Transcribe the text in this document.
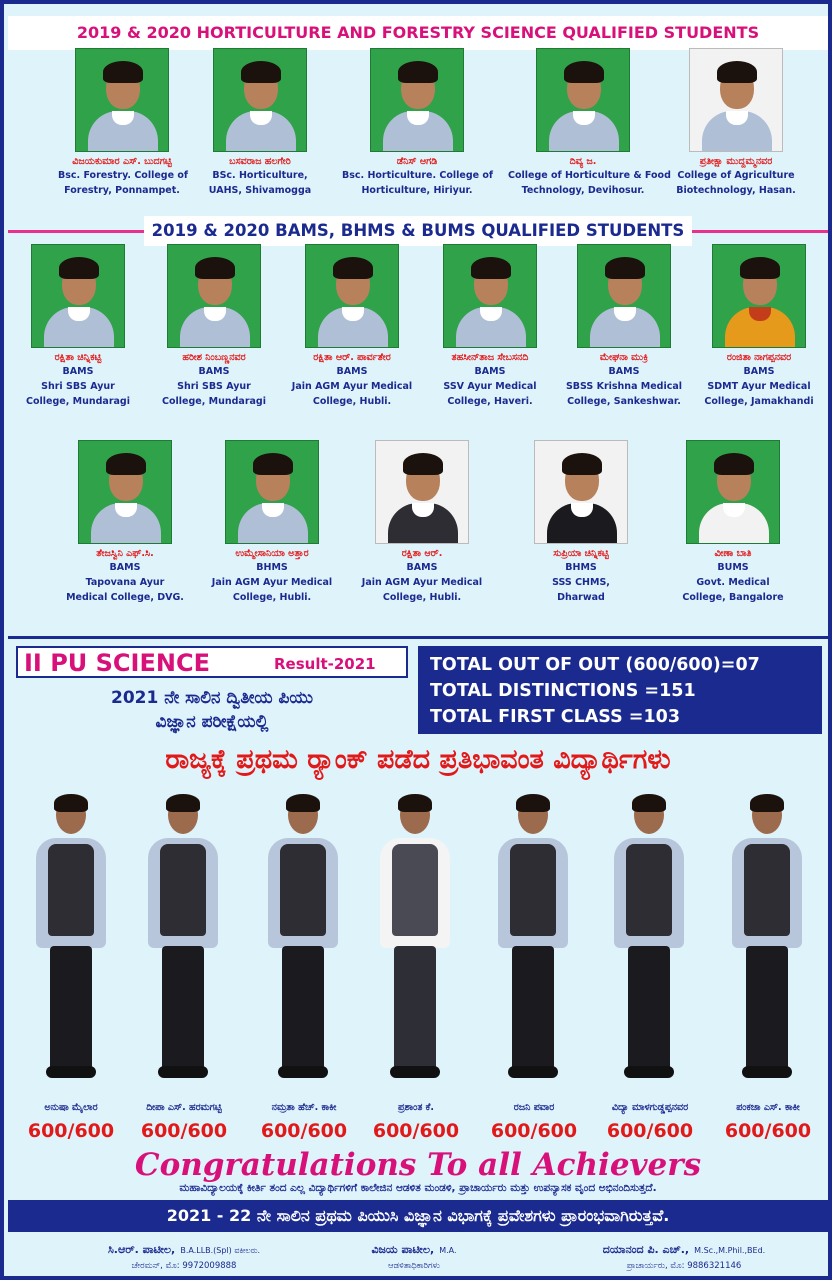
2019 & 2020 HORTICULTURE AND FORESTRY SCIENCE QUALIFIED STUDENTS
ವಿಜಯಕುಮಾರ ಎಸ್. ಬುದಗಟ್ಟಿ
Bsc. Forestry. College of
Forestry, Ponnampet.
ಬಸವರಾಜ ಹಲಗೇರಿ
BSc. Horticulture,
UAHS, Shivamogga
ಡೆನಿಸ್ ಆಗಡಿ
Bsc. Horticulture. College of
Horticulture, Hiriyur.
ದಿವ್ಯ ಜ.
College of Horticulture & Food
Technology, Devihosur.
ಪ್ರತೀಕ್ಷಾ ಮುದ್ದಮ್ಮನವರ
College of Agriculture
Biotechnology, Hasan.
2019 & 2020 BAMS, BHMS & BUMS QUALIFIED STUDENTS
ರಕ್ಷಿತಾ ಚಿನ್ನಿಕಟ್ಟಿ
BAMS
Shri SBS Ayur
College, Mundaragi
ಹರೀಶ ನಿಂಬಣ್ಣನವರ
BAMS
Shri SBS Ayur
College, Mundaragi
ರಕ್ಷಿತಾ ಆರ್. ಪಾರ್ವತೇರ
BAMS
Jain AGM Ayur Medical
College, Hubli.
ತಹಸೀನ್‌ತಾಜ ಸೇಬಸನದಿ
BAMS
SSV Ayur Medical
College, Haveri.
ಮೇಘನಾ ಮುಕ್ರಿ
BAMS
SBSS Krishna Medical
College, Sankeshwar.
ರಂಜಿತಾ ನಾಗಪ್ಪನವರ
BAMS
SDMT Ayur Medical
College, Jamakhandi
ತೇಜಸ್ವಿನಿ ಎಫ್.ಸಿ.
BAMS
Tapovana Ayur
Medical College, DVG.
ಉಮ್ಮೇಸಾನಿಯಾ ಅತ್ತಾರ
BHMS
Jain AGM Ayur Medical
College, Hubli.
ರಕ್ಷಿತಾ ಆರ್.
BAMS
Jain AGM Ayur Medical
College, Hubli.
ಸುಪ್ರಿಯಾ ಚಿನ್ನಿಕಟ್ಟಿ
BHMS
SSS CHMS,
Dharwad
ವೀಣಾ ಬಾತಿ
BUMS
Govt. Medical
College, Bangalore
II PU SCIENCE	Result-2021
2021 ನೇ ಸಾಲಿನ ದ್ವಿತೀಯ ಪಿಯು
ವಿಜ್ಞಾನ ಪರೀಕ್ಷೆಯಲ್ಲಿ
TOTAL OUT OF OUT (600/600)=07
TOTAL DISTINCTIONS =151
TOTAL FIRST CLASS =103
ರಾಜ್ಯಕ್ಕೆ ಪ್ರಥಮ ರ್‍ಯಾಂಕ್ ಪಡೆದ ಪ್ರತಿಭಾವಂತ ವಿದ್ಯಾರ್ಥಿಗಳು
ಅನುಷಾ ಮೈಲಾರ
600/600
ದೀಪಾ ಎಸ್. ಹರಮಗಟ್ಟಿ
600/600
ನಮ್ರತಾ ಹೆಚ್. ಕಾಕೀ
600/600
ಪ್ರಶಾಂತ ಕೆ.
600/600
ರಜನಿ ಪವಾರ
600/600
ವಿದ್ಯಾ ಮಾಳಗುಡ್ಡಪ್ಪನವರ
600/600
ಪಂಕಜಾ ಎಸ್. ಕಾಕೀ
600/600
Congratulations To all Achievers
ಮಹಾವಿದ್ಯಾಲಯಕ್ಕೆ ಕೀರ್ತಿ ತಂದ ಎಲ್ಲ ವಿದ್ಯಾರ್ಥಿಗಳಿಗೆ ಕಾಲೇಜಿನ ಆಡಳಿತ ಮಂಡಳಿ, ಪ್ರಾಚಾರ್ಯರು ಮತ್ತು ಉಪನ್ಯಾಸಕ ವೃಂದ ಅಭಿನಂದಿಸುತ್ತದೆ.
2021 - 22 ನೇ ಸಾಲಿನ ಪ್ರಥಮ ಪಿಯುಸಿ ವಿಜ್ಞಾನ ವಿಭಾಗಕ್ಕೆ ಪ್ರವೇಶಗಳು ಪ್ರಾರಂಭವಾಗಿರುತ್ತವೆ.
ಸಿ.ಆರ್. ಪಾಟೀಲ, B.A.LLB.(Spl) ವಕೀಲರು.
ಚೇರಮನ್, ಮೊ: 9972009888
ವಿಜಯ ಪಾಟೀಲ, M.A.
ಆಡಳಿತಾಧಿಕಾರಿಗಳು
ದಯಾನಂದ ಪಿ. ಎಚ್., M.Sc.,M.Phil.,BEd.
ಪ್ರಾಚಾರ್ಯರು, ಮೊ: 9886321146
